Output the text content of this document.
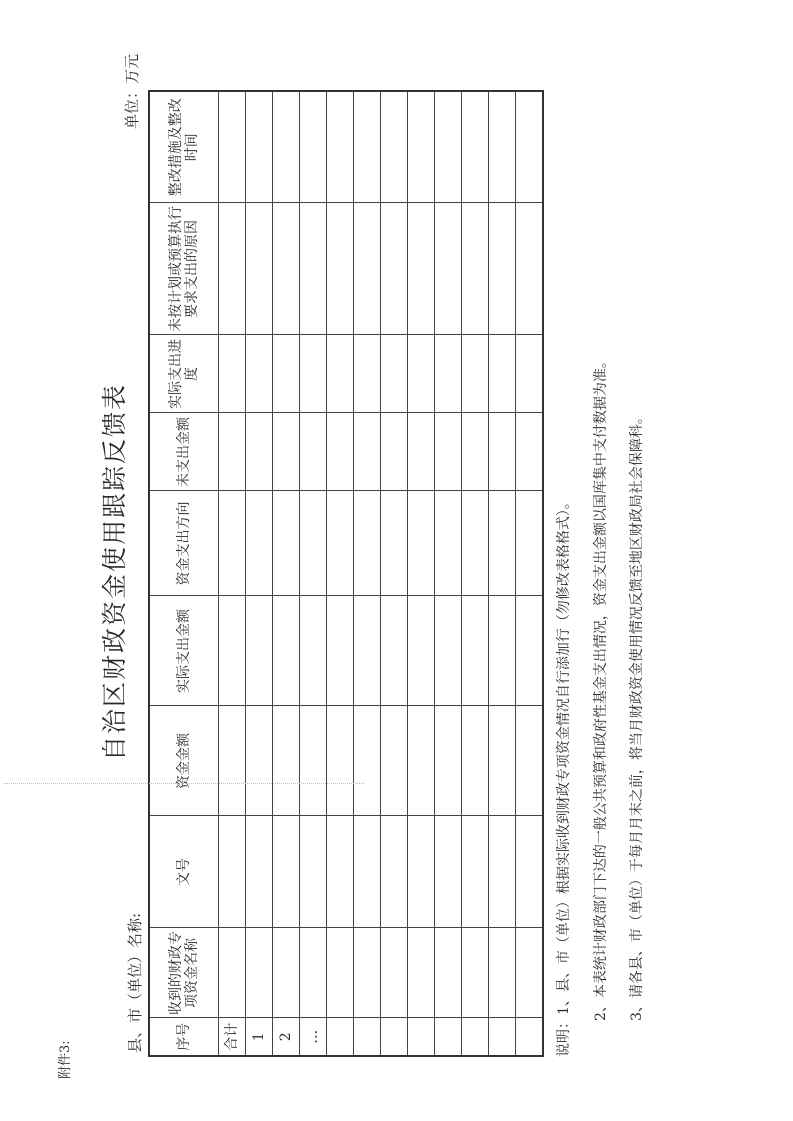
附件3:
自治区财政资金使用跟踪反馈表
县、市（单位）名称:
单位：万元
序号	收到的财政专项资金名称	文号	资金金额	实际支出金额	资金支出方向	未支出金额	实际支出进度	未按计划或预算执行要求支出的原因	整改措施及整改时间
合计									
1									
2									
…									

										说明：1、县、市（单位）根据实际收到财政专项资金情况自行添加行（勿修改表格格式）。 2、本表统计财政部门下达的一般公共预算和政府性基金支出情况，资金支出金额以国库集中支付数据为准。 3、请各县、市（单位）于每月月末之前，将当月财政资金使用情况反馈至地区财政局社会保障科。
